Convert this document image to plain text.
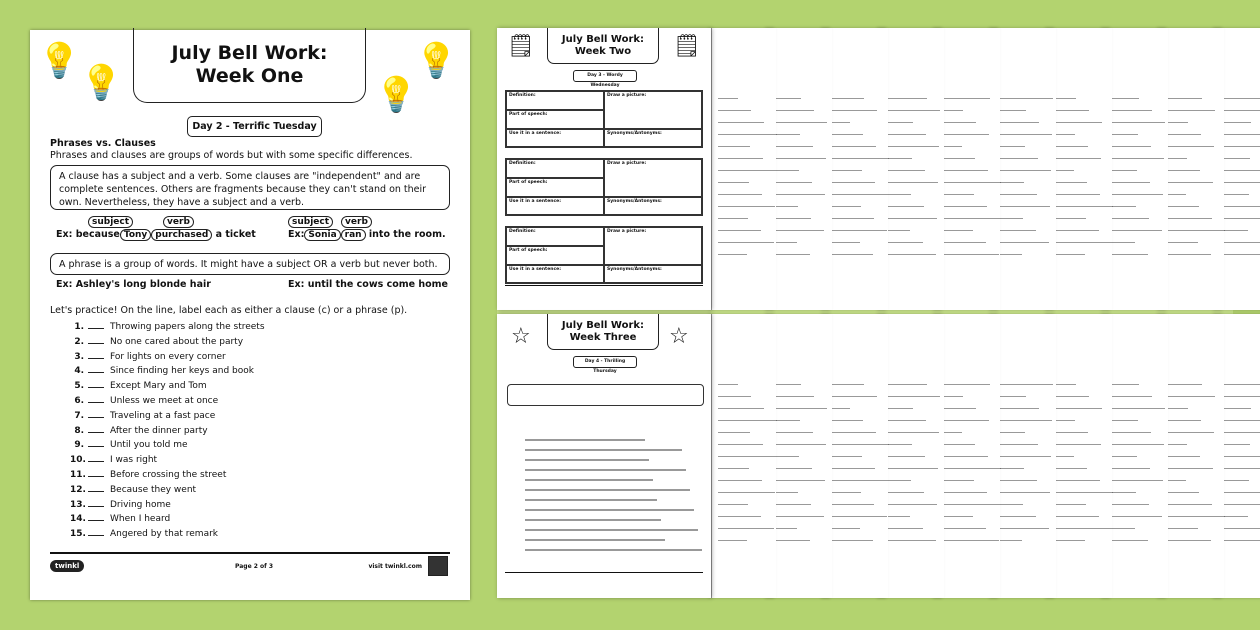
💡
💡	💡
💡
July Bell Work:
Week One
Day 2 - Terrific Tuesday
Phrases vs. Clauses
Phrases and clauses are groups of words but with some specific differences.
A clause has a subject and a verb. Some clauses are "independent" and are complete sentences. Others are fragments because they can't stand on their own. Nevertheless, they have a subject and a verb.
subject	verb
Ex: because Tony purchased a ticket
subject verb
Ex: Sonia ran into the room.
A phrase is a group of words. It might have a subject OR a verb but never both.
Ex: Ashley's long blonde hair	Ex: until the cows come home
Let's practice! On the line, label each as either a clause (c) or a phrase (p).
1.	Throwing papers along the streets
2.	No one cared about the party
3.	For lights on every corner
4.	Since finding her keys and book
5.	Except Mary and Tom
6.	Unless we meet at once
7.	Traveling at a fast pace
8.	After the dinner party
9.	Until you told me
10.	I was right
11.	Before crossing the street
12.	Because they went
13.	Driving home
14.	When I heard
15.	Angered by that remark
twinkl	Page 2 of 3	visit twinkl.com
🗒	🗒
July Bell Work:
Week Two
Day 3 - Wordy Wednesday
Definition:
Part of speech:
Draw a picture:
Use it in a sentence:	Synonyms/Antonyms:
Definition:
Part of speech:
Draw a picture:
Use it in a sentence:	Synonyms/Antonyms:
Definition:
Part of speech:
Draw a picture:
Use it in a sentence:	Synonyms/Antonyms:
☆	☆
July Bell Work:
Week Three
Day 4 - Thrilling Thursday
